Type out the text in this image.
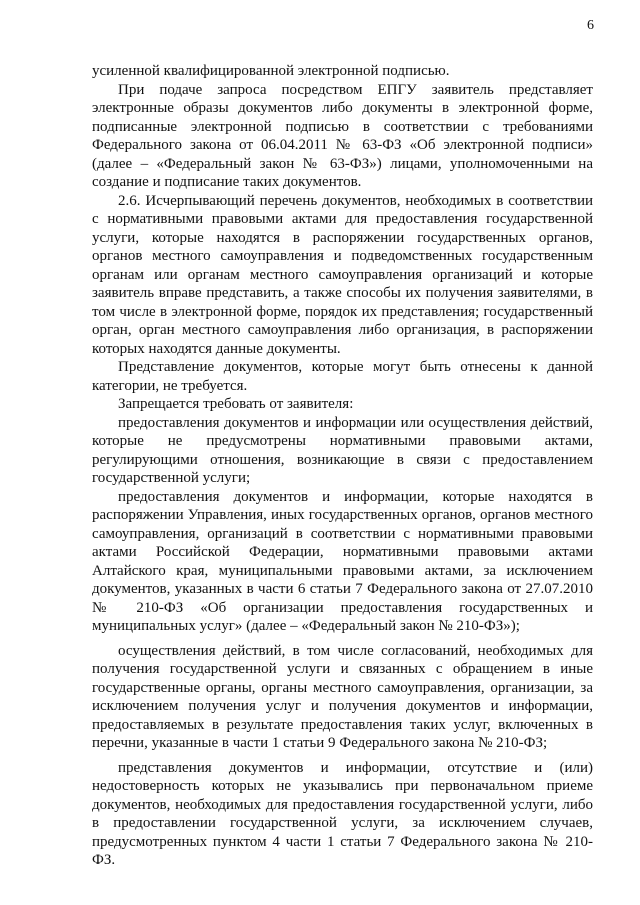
6

усиленной квалифицированной электронной подписью.

При подаче запроса посредством ЕПГУ заявитель представляет электронные образы документов либо документы в электронной форме, подписанные электронной подписью в соответствии с требованиями Федерального закона от 06.04.2011 № 63-ФЗ «Об электронной подписи» (далее – «Федеральный закон № 63-ФЗ») лицами, уполномоченными на создание и подписание таких документов.

2.6. Исчерпывающий перечень документов, необходимых в соответствии с нормативными правовыми актами для предоставления государственной услуги, которые находятся в распоряжении государственных органов, органов местного самоуправления и подведомственных государственным органам или органам местного самоуправления организаций и которые заявитель вправе представить, а также способы их получения заявителями, в том числе в электронной форме, порядок их представления; государственный орган, орган местного самоуправления либо организация, в распоряжении которых находятся данные документы.

Представление документов, которые могут быть отнесены к данной категории, не требуется.

Запрещается требовать от заявителя:

предоставления документов и информации или осуществления действий, которые не предусмотрены нормативными правовыми актами, регулирующими отношения, возникающие в связи с предоставлением государственной услуги;

предоставления документов и информации, которые находятся в распоряжении Управления, иных государственных органов, органов местного самоуправления, организаций в соответствии с нормативными правовыми актами Российской Федерации, нормативными правовыми актами Алтайского края, муниципальными правовыми актами, за исключением документов, указанных в части 6 статьи 7 Федерального закона от 27.07.2010 № 210-ФЗ «Об организации предоставления государственных и муниципальных услуг» (далее – «Федеральный закон № 210-ФЗ»);

осуществления действий, в том числе согласований, необходимых для получения государственной услуги и связанных с обращением в иные государственные органы, органы местного самоуправления, организации, за исключением получения услуг и получения документов и информации, предоставляемых в результате предоставления таких услуг, включенных в перечни, указанные в части 1 статьи 9 Федерального закона № 210-ФЗ;

представления документов и информации, отсутствие и (или) недостоверность которых не указывались при первоначальном приеме документов, необходимых для предоставления государственной услуги, либо в предоставлении государственной услуги, за исключением случаев, предусмотренных пунктом 4 части 1 статьи 7 Федерального закона № 210-ФЗ.
